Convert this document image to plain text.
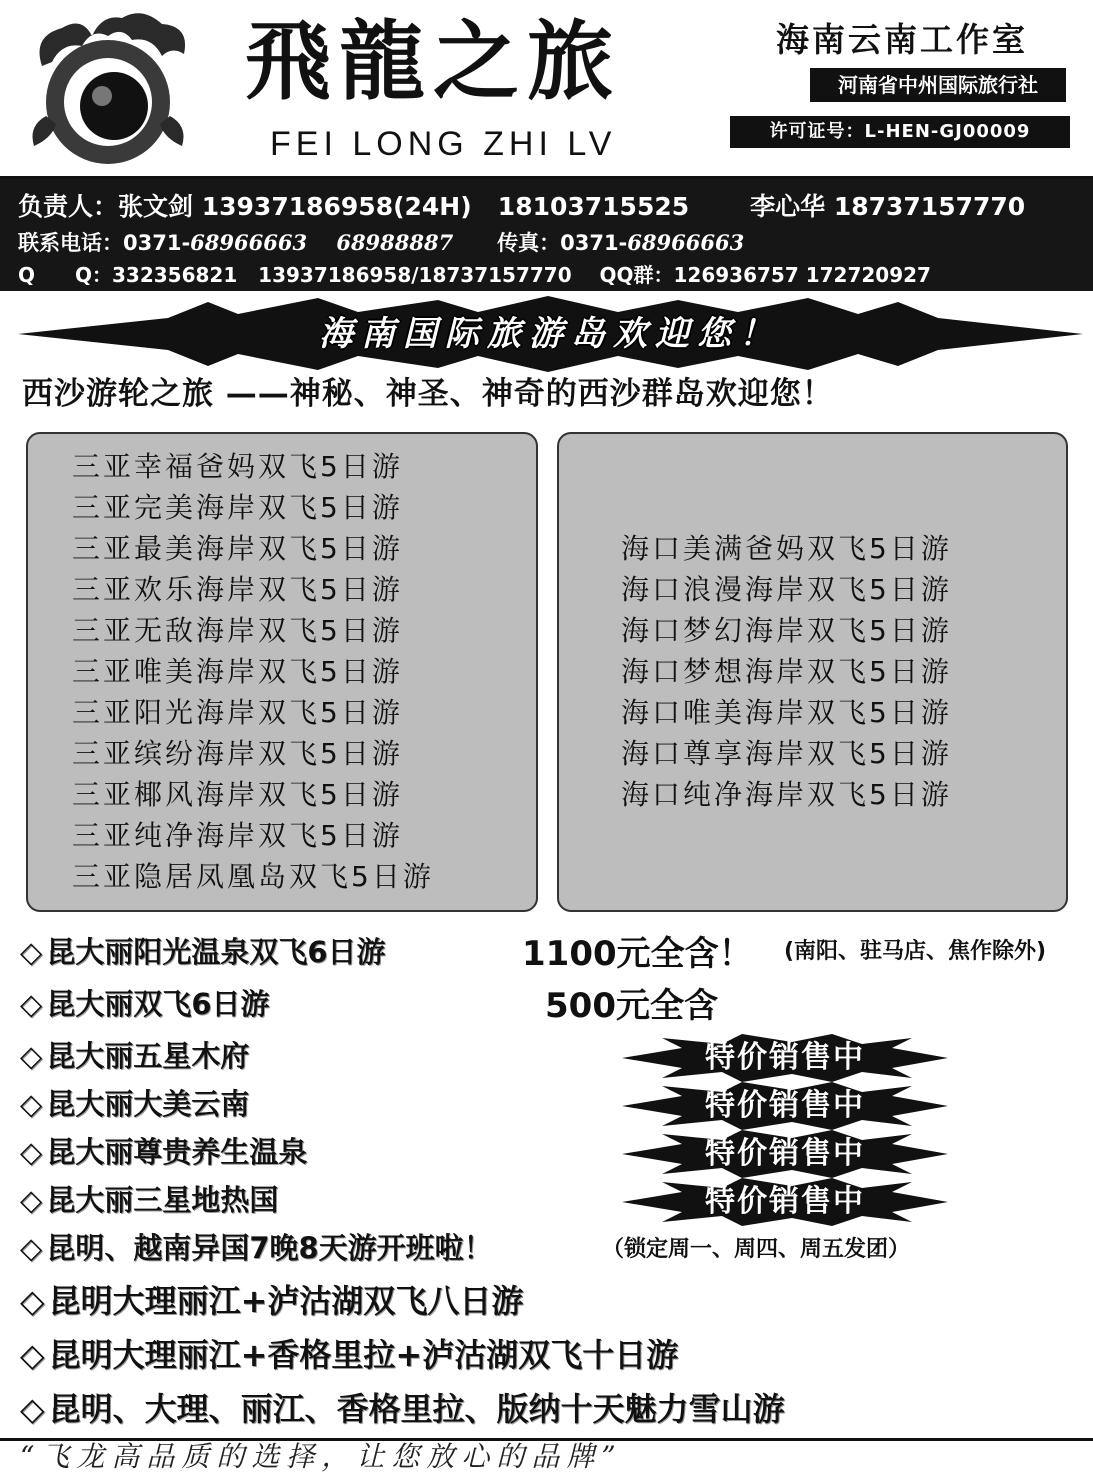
飛龍之旅
FEI LONG ZHI LV
海南云南工作室
河南省中州国际旅行社
许可证号：L-HEN-GJ00009
负责人：张文剑 13937186958(24H) 18103715525 李心华 18737157770
联系电话：0371-68966663 68988887 传真：0371-68966663
Q　　Q：332356821 13937186958/18737157770 QQ群：126936757 172720927
海南国际旅游岛欢迎您！
西沙游轮之旅 ——神秘、神圣、神奇的西沙群岛欢迎您！
三亚幸福爸妈双飞5日游
三亚完美海岸双飞5日游
三亚最美海岸双飞5日游
三亚欢乐海岸双飞5日游
三亚无敌海岸双飞5日游
三亚唯美海岸双飞5日游
三亚阳光海岸双飞5日游
三亚缤纷海岸双飞5日游
三亚椰风海岸双飞5日游
三亚纯净海岸双飞5日游
三亚隐居凤凰岛双飞5日游
海口美满爸妈双飞5日游
海口浪漫海岸双飞5日游
海口梦幻海岸双飞5日游
海口梦想海岸双飞5日游
海口唯美海岸双飞5日游
海口尊享海岸双飞5日游
海口纯净海岸双飞5日游
◇ 昆大丽阳光温泉双飞6日游	1100元全含！ (南阳、驻马店、焦作除外)
◇ 昆大丽双飞6日游	500元全含
◇ 昆大丽五星木府
◇ 昆大丽大美云南
◇ 昆大丽尊贵养生温泉
◇ 昆大丽三星地热国
特价销售中
特价销售中
特价销售中
特价销售中
◇ 昆明、越南异国7晚8天游开班啦！	（锁定周一、周四、周五发团）
◇ 昆明大理丽江+泸沽湖双飞八日游
◇ 昆明大理丽江+香格里拉+泸沽湖双飞十日游
◇ 昆明、大理、丽江、香格里拉、版纳十天魅力雪山游
“飞龙高品质的选择，让您放心的品牌”
